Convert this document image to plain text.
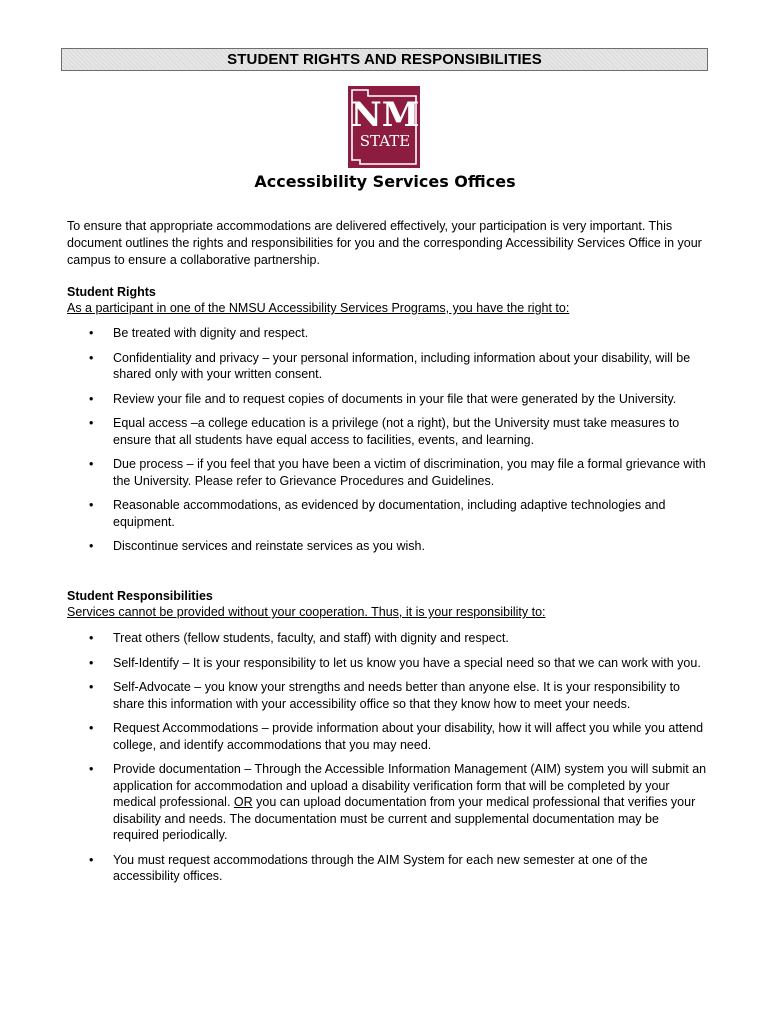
STUDENT RIGHTS AND RESPONSIBILITIES
NM
STATE
Accessibility Services Offices
To ensure that appropriate accommodations are delivered effectively, your participation is very important. This document outlines the rights and responsibilities for you and the corresponding Accessibility Services Office in your campus to ensure a collaborative partnership.
Student Rights
As a participant in one of the NMSU Accessibility Services Programs, you have the right to:
• Be treated with dignity and respect.
• Confidentiality and privacy – your personal information, including information about your disability, will be shared only with your written consent.
• Review your file and to request copies of documents in your file that were generated by the University.
• Equal access –a college education is a privilege (not a right), but the University must take measures to ensure that all students have equal access to facilities, events, and learning.
• Due process – if you feel that you have been a victim of discrimination, you may file a formal grievance with the University. Please refer to Grievance Procedures and Guidelines.
• Reasonable accommodations, as evidenced by documentation, including adaptive technologies and equipment.
• Discontinue services and reinstate services as you wish.
Student Responsibilities
Services cannot be provided without your cooperation. Thus, it is your responsibility to:
• Treat others (fellow students, faculty, and staff) with dignity and respect.
• Self-Identify – It is your responsibility to let us know you have a special need so that we can work with you.
• Self-Advocate – you know your strengths and needs better than anyone else. It is your responsibility to share this information with your accessibility office so that they know how to meet your needs.
• Request Accommodations – provide information about your disability, how it will affect you while you attend college, and identify accommodations that you may need.
• Provide documentation – Through the Accessible Information Management (AIM) system you will submit an application for accommodation and upload a disability verification form that will be completed by your medical professional. OR you can upload documentation from your medical professional that verifies your disability and needs. The documentation must be current and supplemental documentation may be required periodically.
• You must request accommodations through the AIM System for each new semester at one of the accessibility offices.
